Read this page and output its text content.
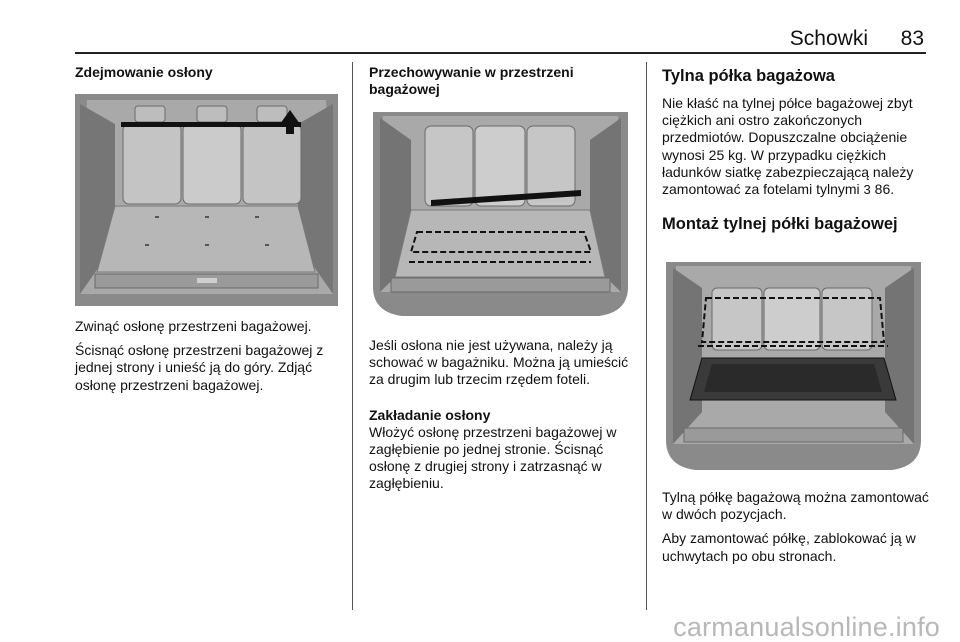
Schowki 83
Zdejmowanie osłony

Zwinąć osłonę przestrzeni bagażowej.

Ścisnąć osłonę przestrzeni bagażowej z jednej strony i unieść ją do góry. Zdjąć osłonę przestrzeni bagażowej.

Przechowywanie w przestrzeni bagażowej

Jeśli osłona nie jest używana, należy ją schować w bagażniku. Można ją umieścić za drugim lub trzecim rzędem foteli.

Zakładanie osłony

Włożyć osłonę przestrzeni bagażowej w zagłębienie po jednej stronie. Ścisnąć osłonę z drugiej strony i zatrzasnąć w zagłębieniu.

Tylna półka bagażowa

Nie kłaść na tylnej półce bagażowej zbyt ciężkich ani ostro zakończonych przedmiotów. Dopuszczalne obciążenie wynosi 25 kg. W przypadku ciężkich ładunków siatkę zabezpieczającą należy zamontować za fotelami tylnymi 3 86.

Montaż tylnej półki bagażowej

Tylną półkę bagażową można zamontować w dwóch pozycjach.

Aby zamontować półkę, zablokować ją w uchwytach po obu stronach.

carmanualsonline.info
